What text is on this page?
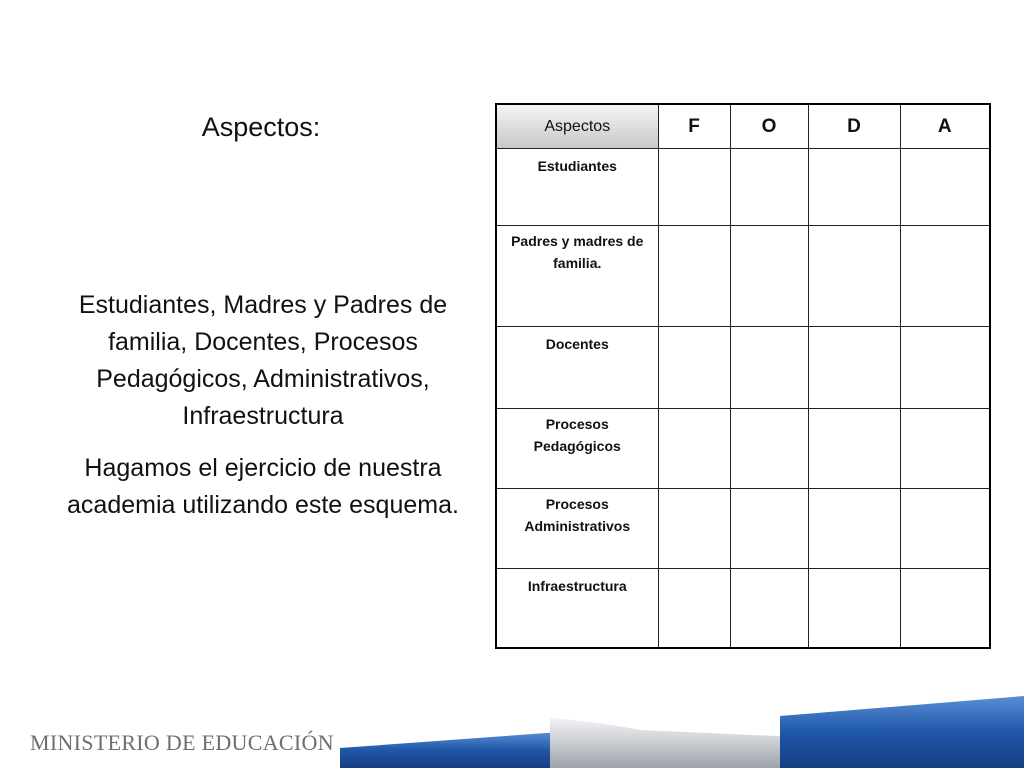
Aspectos:

Estudiantes, Madres y Padres de familia, Docentes, Procesos Pedagógicos, Administrativos, Infraestructura

Hagamos el ejercicio de nuestra academia utilizando este esquema.

Aspectos	F	O	D	A
Estudiantes				
Padres y madres de familia.				
Docentes				
Procesos Pedagógicos				
Procesos Administrativos				
Infraestructura				
MINISTERIO DE EDUCACIÓN
